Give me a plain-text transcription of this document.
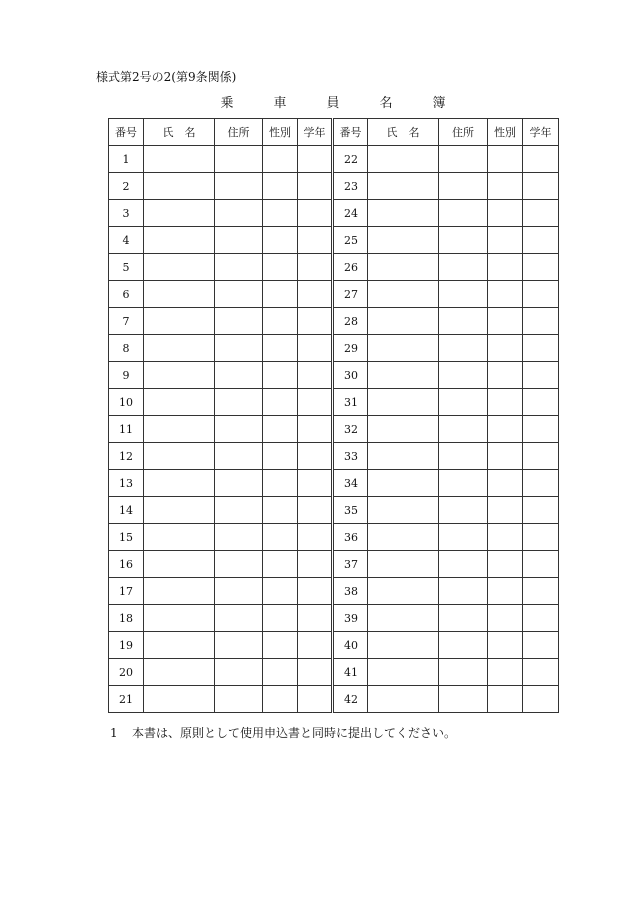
様式第2号の2(第9条関係)
乗	車	員	名	簿
番号	氏　名	住所	性別	学年	番号	氏　名	住所	性別	学年
1					22				
2					23				
3					24				
4					25				
5					26				
6					27				
7					28				
8					29				
9					30				
10					31				
11					32				
12					33				
13					34				
14					35				
15					36				
16					37				
17					38				
18					39				
19					40				
20					41				
21					42				
1 本書は、原則として使用申込書と同時に提出してください。
